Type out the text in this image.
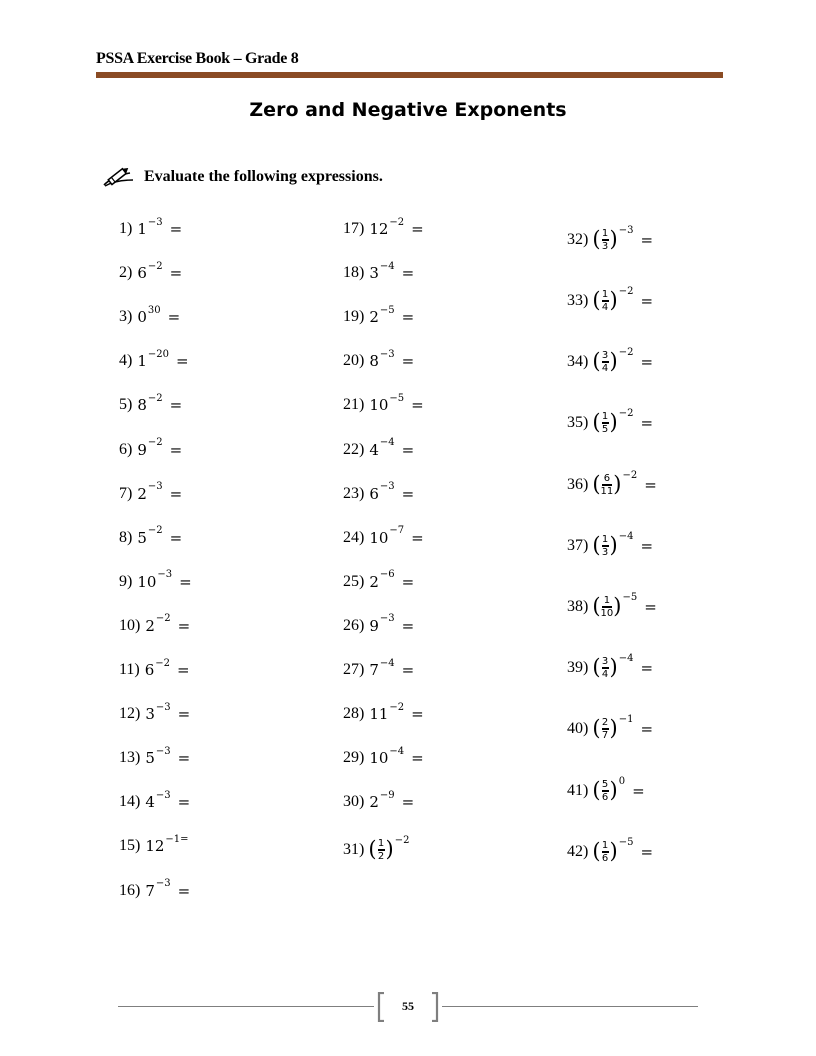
PSSA Exercise Book – Grade 8
Zero and Negative Exponents
Evaluate the following expressions.
1) $1^{-3}$ =
2) $6^{-2}$ =
3) $0^{30}$ =
4) $1^{-20}$ =
5) $8^{-2}$ =
6) $9^{-2}$ =
7) $2^{-3}$ =
8) $5^{-2}$ =
9) $10^{-3}$ =
10) $2^{-2}$ =
11) $6^{-2}$ =
12) $3^{-3}$ =
13) $5^{-3}$ =
14) $4^{-3}$ =
15) $12^{-1=}$
16) $7^{-3}$ =
17) $12^{-2}$ =
18) $3^{-4}$ =
19) $2^{-5}$ =
20) $8^{-3}$ =
21) $10^{-5}$ =
22) $4^{-4}$ =
23) $6^{-3}$ =
24) $10^{-7}$ =
25) $2^{-6}$ =
26) $9^{-3}$ =
27) $7^{-4}$ =
28) $11^{-2}$ =
29) $10^{-4}$ =
30) $2^{-9}$ =
31) ( 1
2 ) −2
32) ( 1
3 ) −3 =
33) ( 1
4 ) −2 =
34) ( 3
4 ) −2 =
35) ( 1
5 ) −2 =
36) ( 6
11 ) −2 =
37) ( 1
3 ) −4 =
38) ( 1
10 ) −5 =
39) ( 3
4 ) −4 =
40) ( 2
7 ) −1 =
41) ( 5
6 ) 0 =
42) ( 1
6 ) −5 =
55
